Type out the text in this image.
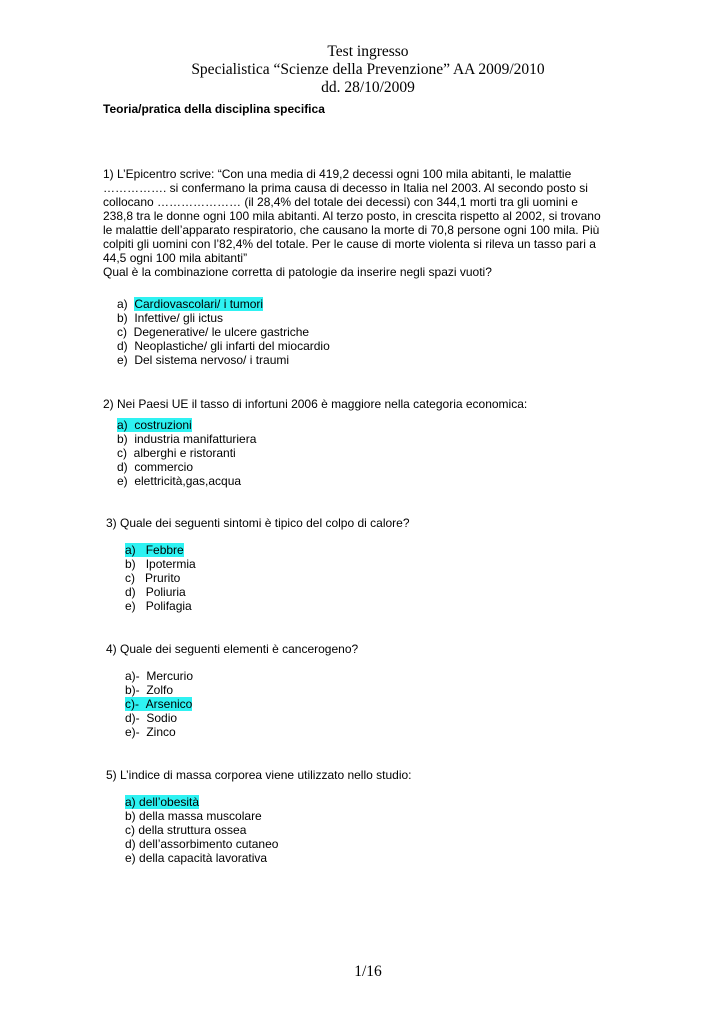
Test ingresso
Specialistica “Scienze della Prevenzione” AA 2009/2010
dd. 28/10/2009
Teoria/pratica della disciplina specifica
1) L’Epicentro scrive: “Con una media di 419,2 decessi ogni 100 mila abitanti, le malattie
……………. si confermano la prima causa di decesso in Italia nel 2003. Al secondo posto si
collocano ………………… (il 28,4% del totale dei decessi) con 344,1 morti tra gli uomini e
238,8 tra le donne ogni 100 mila abitanti. Al terzo posto, in crescita rispetto al 2002, si trovano
le malattie dell’apparato respiratorio, che causano la morte di 70,8 persone ogni 100 mila. Più
colpiti gli uomini con l’82,4% del totale. Per le cause di morte violenta si rileva un tasso pari a
44,5 ogni 100 mila abitanti”
Qual è la combinazione corretta di patologie da inserire negli spazi vuoti?
a) Cardiovascolari/ i tumori
b) Infettive/ gli ictus
c) Degenerative/ le ulcere gastriche
d) Neoplastiche/ gli infarti del miocardio
e) Del sistema nervoso/ i traumi
2) Nei Paesi UE il tasso di infortuni 2006 è maggiore nella categoria economica:
a) costruzioni
b) industria manifatturiera
c) alberghi e ristoranti
d) commercio
e) elettricità,gas,acqua
3) Quale dei seguenti sintomi è tipico del colpo di calore?
a) Febbre
b) Ipotermia
c) Prurito
d) Poliuria
e) Polifagia
4) Quale dei seguenti elementi è cancerogeno?
a)- Mercurio
b)- Zolfo
c)- Arsenico
d)- Sodio
e)- Zinco
5) L’indice di massa corporea viene utilizzato nello studio:
a) dell’obesità
b) della massa muscolare
c) della struttura ossea
d) dell’assorbimento cutaneo
e) della capacità lavorativa
1/16
